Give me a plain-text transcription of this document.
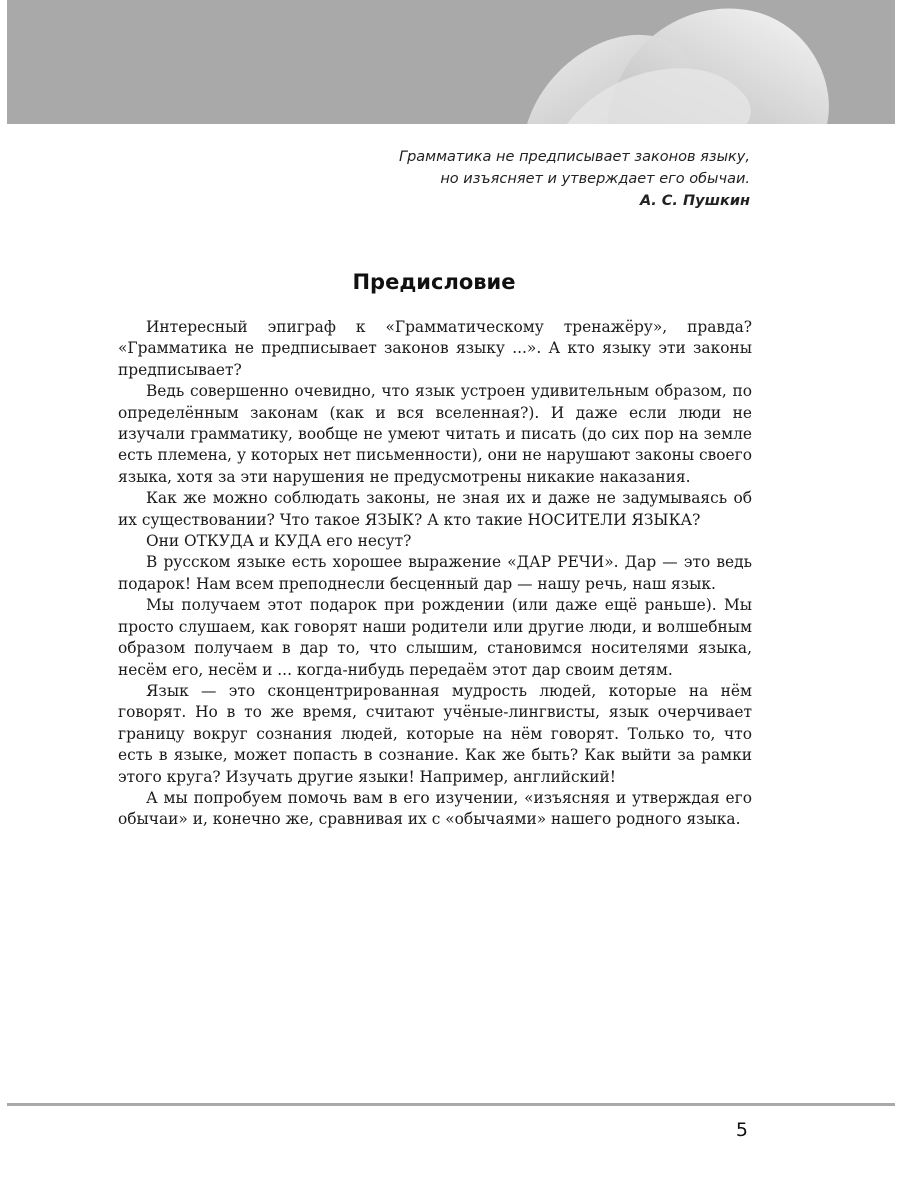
Грамматика не предписывает законов языку,
но изъясняет и утверждает его обычаи.
А. С. Пушкин
Предисловие

Интересный эпиграф к «Грамматическому тренажёру», правда? «Грамматика не предписывает законов языку ...». А кто языку эти законы предписывает?

Ведь совершенно очевидно, что язык устроен удивительным образом, по определённым законам (как и вся вселенная?). И даже если люди не изучали грамматику, вообще не умеют читать и писать (до сих пор на земле есть племена, у которых нет письменности), они не нарушают законы своего языка, хотя за эти нарушения не предусмотрены никакие наказания.

Как же можно соблюдать законы, не зная их и даже не задумываясь об их существовании? Что такое ЯЗЫК? А кто такие НОСИТЕЛИ ЯЗЫКА?

Они ОТКУДА и КУДА его несут?

В русском языке есть хорошее выражение «ДАР РЕЧИ». Дар — это ведь подарок! Нам всем преподнесли бесценный дар — нашу речь, наш язык.

Мы получаем этот подарок при рождении (или даже ещё раньше). Мы просто слушаем, как говорят наши родители или другие люди, и волшебным образом получаем в дар то, что слышим, становимся носителями языка, несём его, несём и ... когда-нибудь передаём этот дар своим детям.

Язык — это сконцентрированная мудрость людей, которые на нём говорят. Но в то же время, считают учёные-лингвисты, язык очерчивает границу вокруг сознания людей, которые на нём говорят. Только то, что есть в языке, может попасть в сознание. Как же быть? Как выйти за рамки этого круга? Изучать другие языки! Например, английский!

А мы попробуем помочь вам в его изучении, «изъясняя и утверждая его обычаи» и, конечно же, сравнивая их с «обычаями» нашего родного языка.

5
